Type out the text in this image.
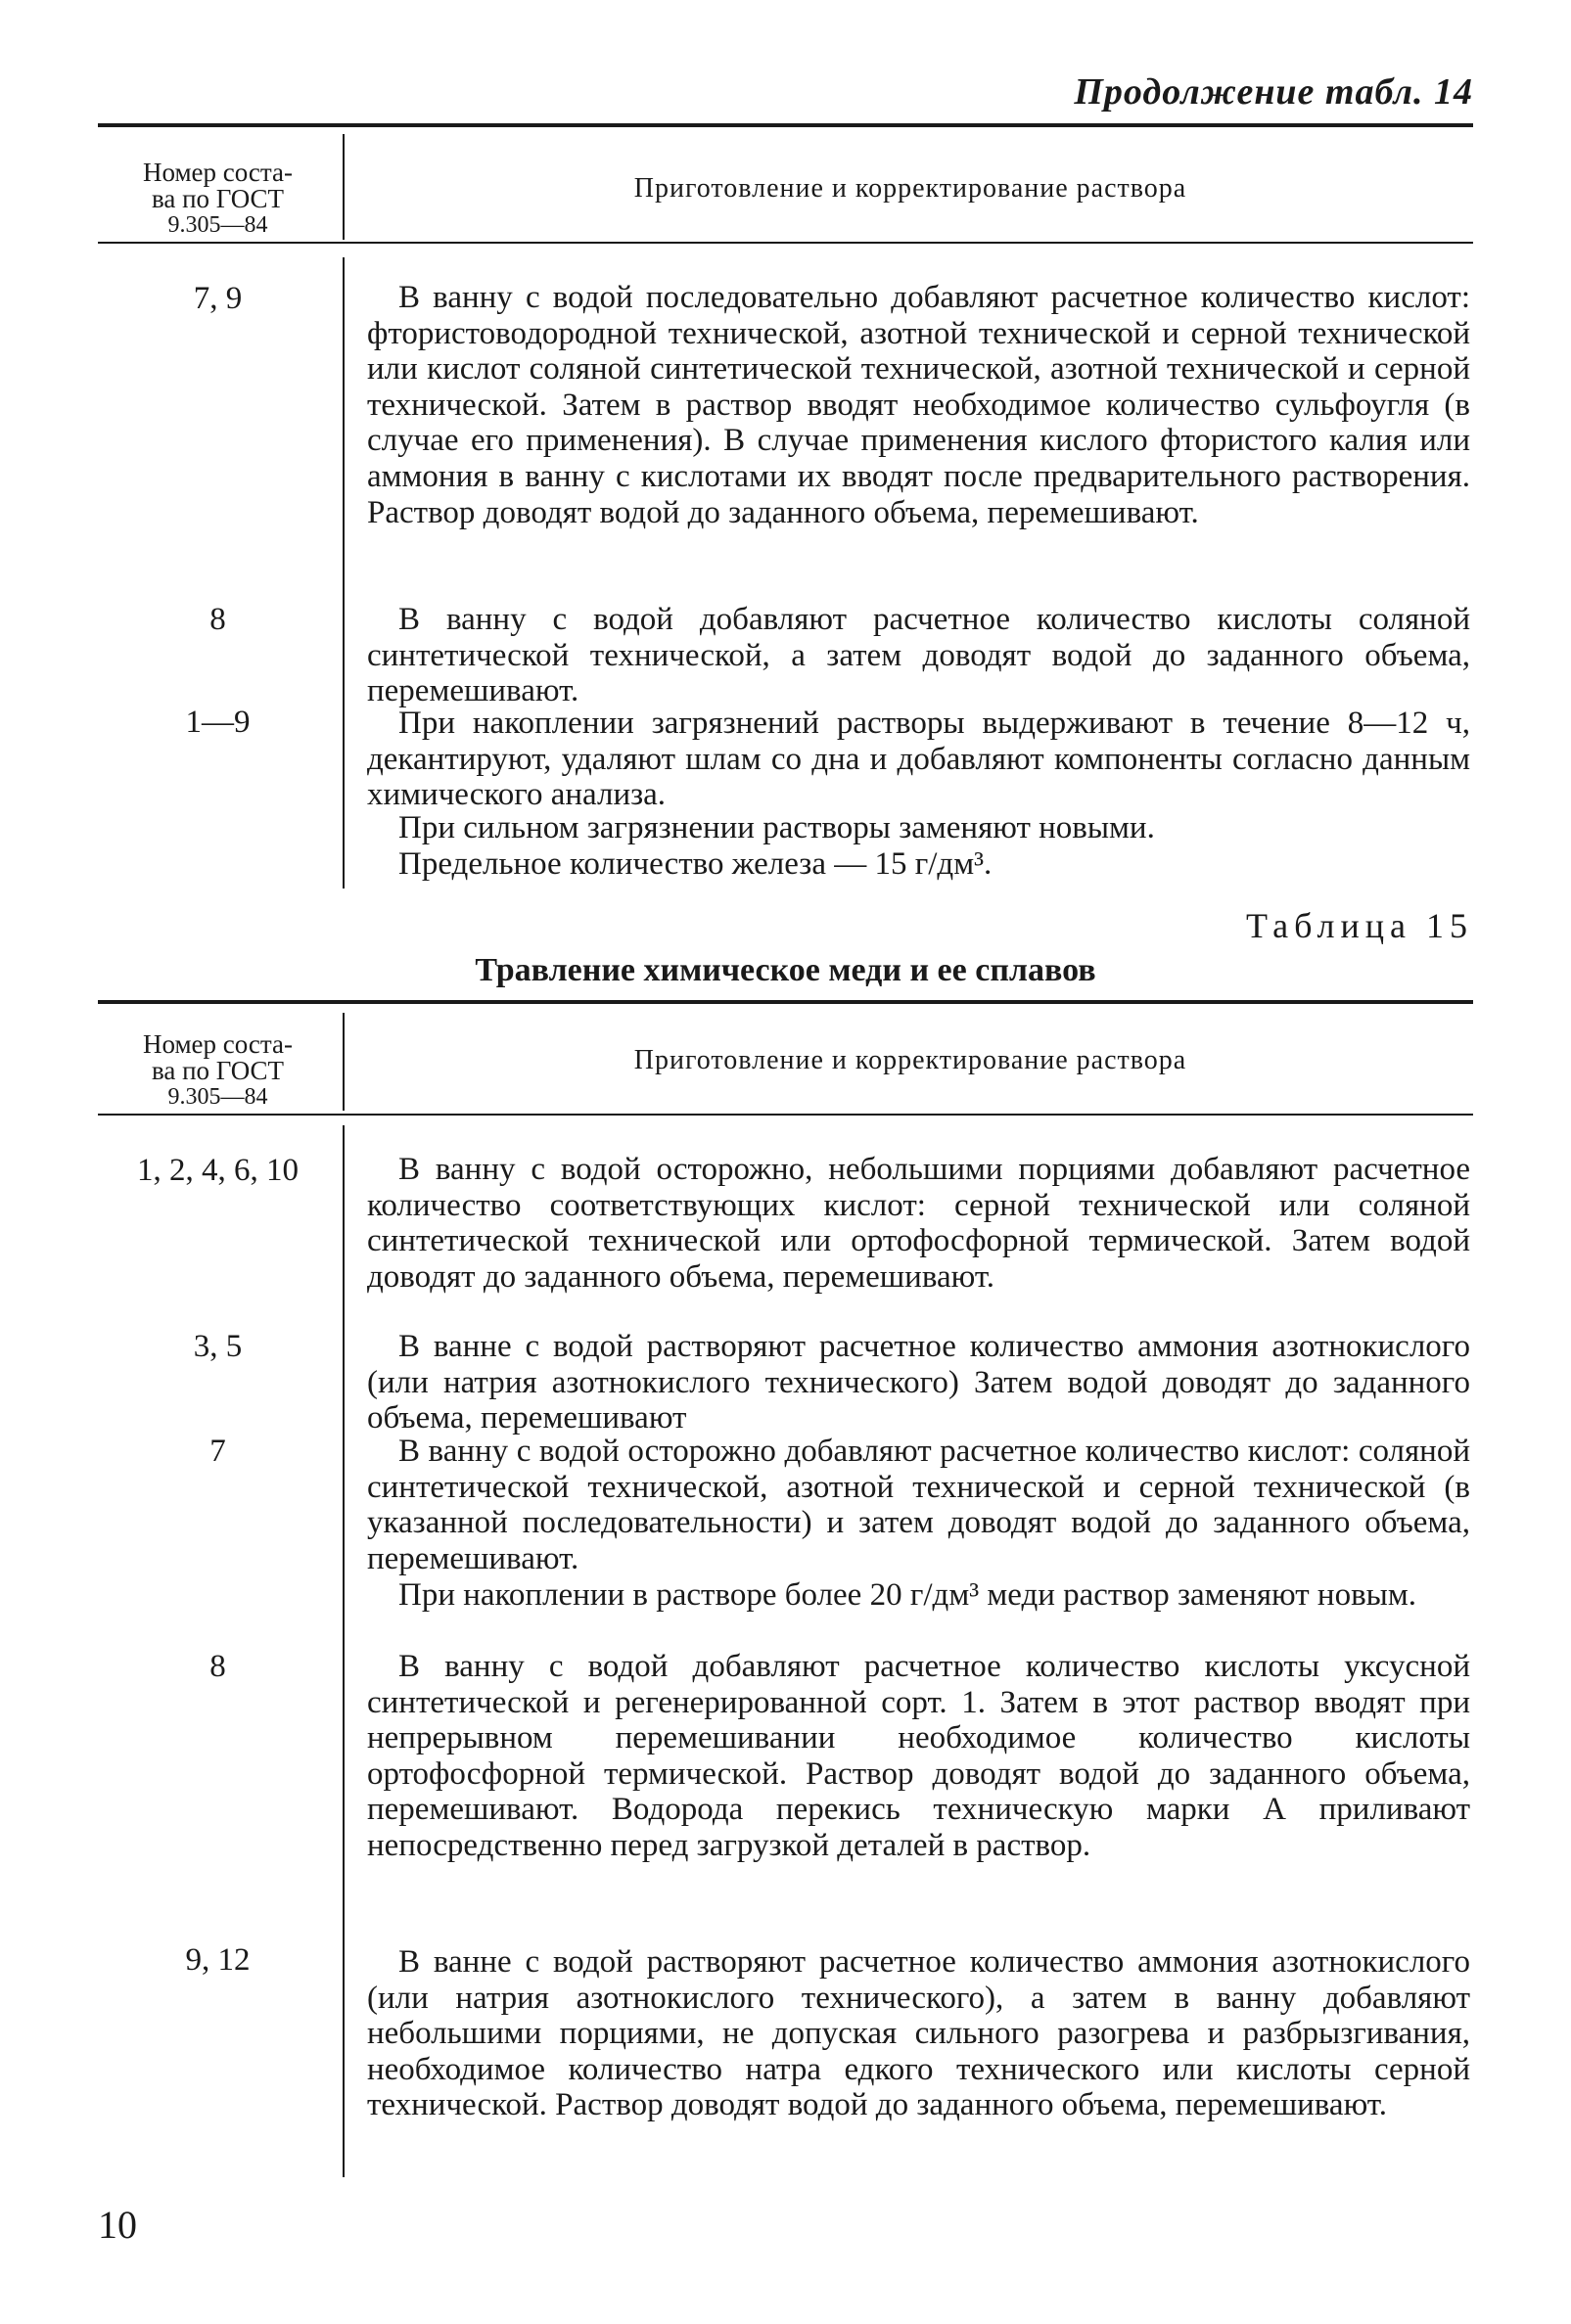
Продолжение табл. 14
Номер соста-
ва по ГОСТ
9.305—84
Приготовление и корректирование раствора
7, 9	В ванну с водой последовательно добавляют расчетное количество кислот: фтористоводородной технической, азотной технической и серной технической или кислот соляной синтетической технической, азотной технической и серной технической. Затем в раствор вводят необходимое количество сульфоугля (в случае его применения). В случае применения кислого фтористого калия или аммония в ванну с кислотами их вводят после предварительного растворения. Раствор доводят водой до заданного объема, перемешивают.
8	В ванну с водой добавляют расчетное количество кислоты соляной синтетической технической, а затем доводят водой до заданного объема, перемешивают.
1—9	При накоплении загрязнений растворы выдерживают в течение 8—12 ч, декантируют, удаляют шлам со дна и добавляют компоненты согласно данным химического анализа.
При сильном загрязнении растворы заменяют новыми.
Предельное количество железа — 15 г/дм³.
Таблица 15
Травление химическое меди и ее сплавов
Номер соста-
ва по ГОСТ
9.305—84
Приготовление и корректирование раствора
1, 2, 4, 6, 10	В ванну с водой осторожно, небольшими порциями добавляют расчетное количество соответствующих кислот: серной технической или соляной синтетической технической или ортофосфорной термической. Затем водой доводят до заданного объема, перемешивают.
3, 5	В ванне с водой растворяют расчетное количество аммония азотнокислого (или натрия азотнокислого технического) Затем водой доводят до заданного объема, перемешивают
7	В ванну с водой осторожно добавляют расчетное количество кислот: соляной синтетической технической, азотной технической и серной технической (в указанной последовательности) и затем доводят водой до заданного объема, перемешивают.
При накоплении в растворе более 20 г/дм³ меди раствор заменяют новым.
8	В ванну с водой добавляют расчетное количество кислоты уксусной синтетической и регенерированной сорт. 1. Затем в этот раствор вводят при непрерывном перемешивании необходимое количество кислоты ортофосфорной термической. Раствор доводят водой до заданного объема, перемешивают. Водорода перекись техническую марки А приливают непосредственно перед загрузкой деталей в раствор.
9, 12	В ванне с водой растворяют расчетное количество аммония азотнокислого (или натрия азотнокислого технического), а затем в ванну добавляют небольшими порциями, не допуская сильного разогрева и разбрызгивания, необходимое количество натра едкого технического или кислоты серной технической. Раствор доводят водой до заданного объема, перемешивают.
10
